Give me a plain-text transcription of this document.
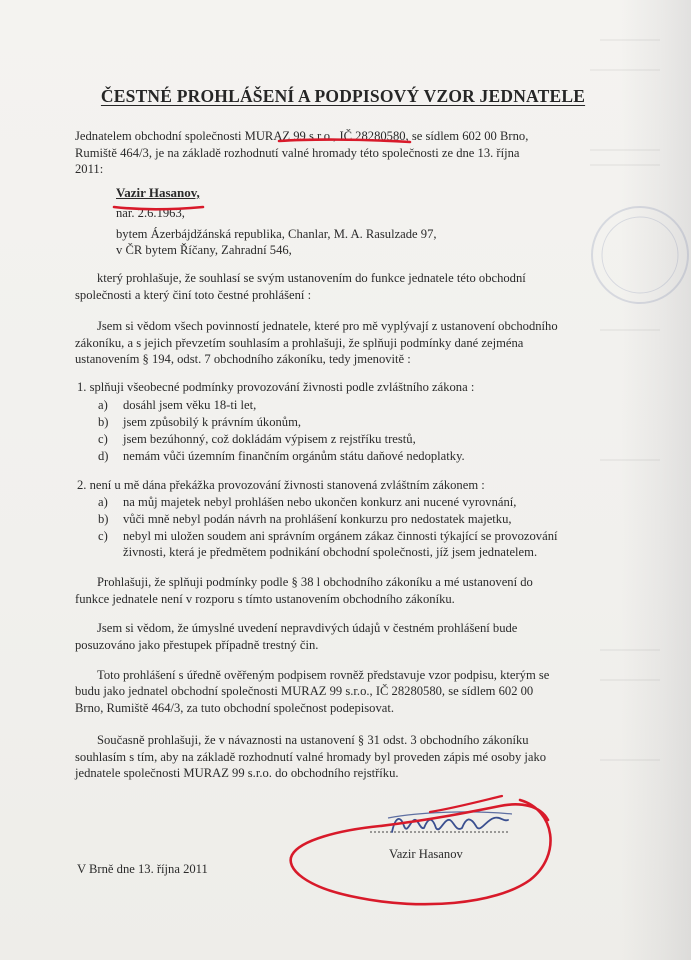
ČESTNÉ PROHLÁŠENÍ A PODPISOVÝ VZOR JEDNATELE
Jednatelem obchodní společnosti MURAZ 99 s.r.o., IČ 28280580, se sídlem 602 00 Brno,
Rumiště 464/3, je na základě rozhodnutí valné hromady této společnosti ze dne 13. října
2011:
Vazir Hasanov,
nar. 2.6.1963,
bytem Ázerbájdžánská republika, Chanlar, M. A. Rasulzade 97,
v ČR bytem Říčany, Zahradní 546,
který prohlašuje, že souhlasí se svým ustanovením do funkce jednatele této obchodní
společnosti a který činí toto čestné prohlášení :
Jsem si vědom všech povinností jednatele, které pro mě vyplývají z ustanovení obchodního
zákoníku, a s jejich převzetím souhlasím a prohlašuji, že splňuji podmínky dané zejména
ustanovením § 194, odst. 7 obchodního zákoníku, tedy jmenovitě :
1. splňuji všeobecné podmínky provozování živnosti podle zvláštního zákona :
a) dosáhl jsem věku 18-ti let,
b) jsem způsobilý k právním úkonům,
c) jsem bezúhonný, což dokládám výpisem z rejstříku trestů,
d) nemám vůči územním finančním orgánům státu daňové nedoplatky.
2. není u mě dána překážka provozování živnosti stanovená zvláštním zákonem :
a) na můj majetek nebyl prohlášen nebo ukončen konkurz ani nucené vyrovnání,
b) vůči mně nebyl podán návrh na prohlášení konkurzu pro nedostatek majetku,
c) nebyl mi uložen soudem ani správním orgánem zákaz činnosti týkající se provozování
živnosti, která je předmětem podnikání obchodní společnosti, jíž jsem jednatelem.
Prohlašuji, že splňuji podmínky podle § 38 l obchodního zákoníku a mé ustanovení do
funkce jednatele není v rozporu s tímto ustanovením obchodního zákoníku.
Jsem si vědom, že úmyslné uvedení nepravdivých údajů v čestném prohlášení bude
posuzováno jako přestupek případně trestný čin.
Toto prohlášení s úředně ověřeným podpisem rovněž představuje vzor podpisu, kterým se
budu jako jednatel obchodní společnosti MURAZ 99 s.r.o., IČ 28280580, se sídlem 602 00
Brno, Rumiště 464/3, za tuto obchodní společnost podepisovat.
Současně prohlašuji, že v návaznosti na ustanovení § 31 odst. 3 obchodního zákoníku
souhlasím s tím, aby na základě rozhodnutí valné hromady byl proveden zápis mé osoby jako
jednatele společnosti MURAZ 99 s.r.o. do obchodního rejstříku.
Vazir Hasanov
V Brně dne 13. října 2011
